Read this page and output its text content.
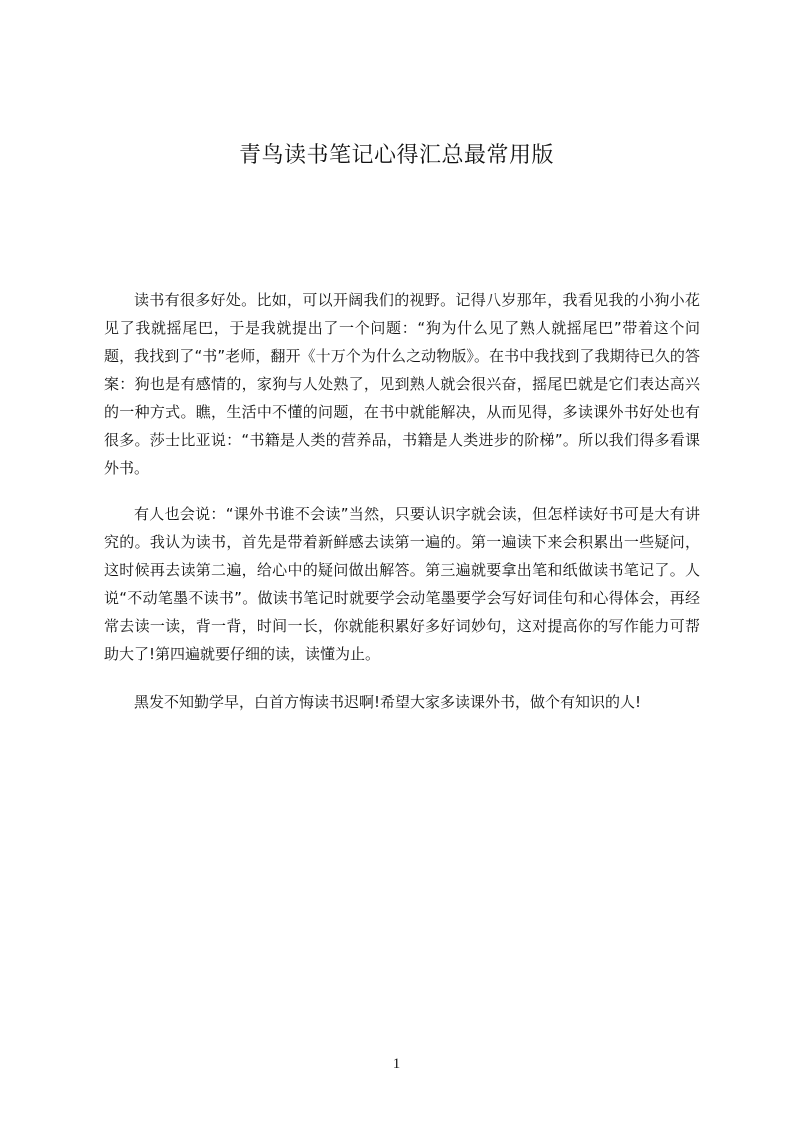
青鸟读书笔记心得汇总最常用版

读书有很多好处。比如，可以开阔我们的视野。记得八岁那年，我看见我的小狗小花见了我就摇尾巴，于是我就提出了一个问题：“狗为什么见了熟人就摇尾巴”带着这个问题，我找到了“书”老师，翻开《十万个为什么之动物版》。在书中我找到了我期待已久的答案：狗也是有感情的，家狗与人处熟了，见到熟人就会很兴奋，摇尾巴就是它们表达高兴的一种方式。瞧，生活中不懂的问题，在书中就能解决，从而见得，多读课外书好处也有很多。莎士比亚说：“书籍是人类的营养品，书籍是人类进步的阶梯”。所以我们得多看课外书。

有人也会说：“课外书谁不会读”当然，只要认识字就会读，但怎样读好书可是大有讲究的。我认为读书，首先是带着新鲜感去读第一遍的。第一遍读下来会积累出一些疑问，这时候再去读第二遍，给心中的疑问做出解答。第三遍就要拿出笔和纸做读书笔记了。人说“不动笔墨不读书”。做读书笔记时就要学会动笔墨要学会写好词佳句和心得体会，再经常去读一读，背一背，时间一长，你就能积累好多好词妙句，这对提高你的写作能力可帮助大了!第四遍就要仔细的读，读懂为止。

黑发不知勤学早，白首方悔读书迟啊!希望大家多读课外书，做个有知识的人!

1
